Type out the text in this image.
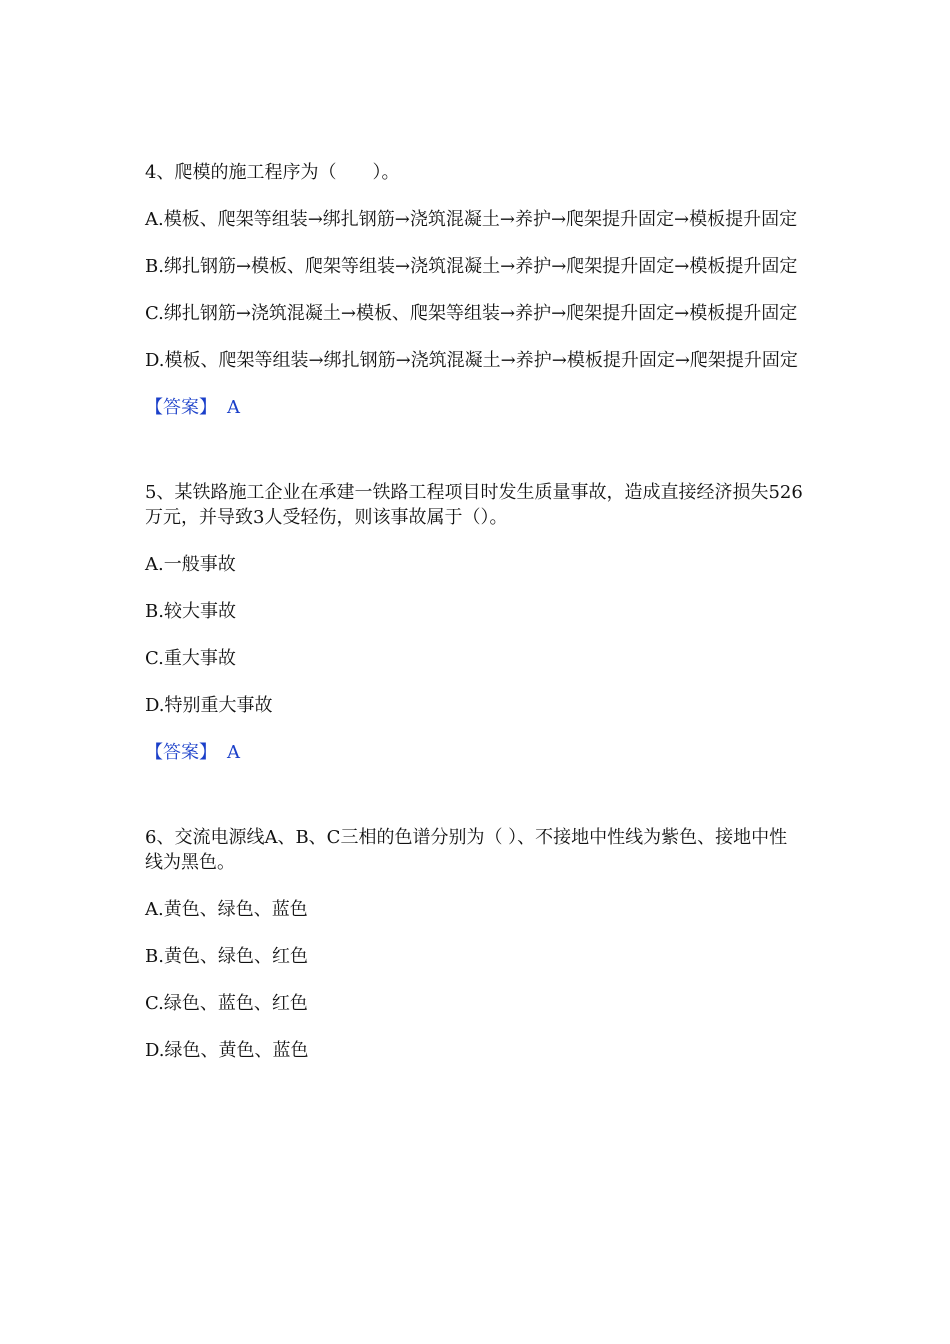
4、爬模的施工程序为（　　）。

A.模板、爬架等组装→绑扎钢筋→浇筑混凝土→养护→爬架提升固定→模板提升固定

B.绑扎钢筋→模板、爬架等组装→浇筑混凝土→养护→爬架提升固定→模板提升固定

C.绑扎钢筋→浇筑混凝土→模板、爬架等组装→养护→爬架提升固定→模板提升固定

D.模板、爬架等组装→绑扎钢筋→浇筑混凝土→养护→模板提升固定→爬架提升固定

【答案】 A

5、某铁路施工企业在承建一铁路工程项目时发生质量事故，造成直接经济损失526万元，并导致3人受轻伤，则该事故属于（）。

A.一般事故

B.较大事故

C.重大事故

D.特别重大事故

【答案】 A

6、交流电源线A、B、C三相的色谱分别为（ ）、不接地中性线为紫色、接地中性线为黑色。

A.黄色、绿色、蓝色

B.黄色、绿色、红色

C.绿色、蓝色、红色

D.绿色、黄色、蓝色
